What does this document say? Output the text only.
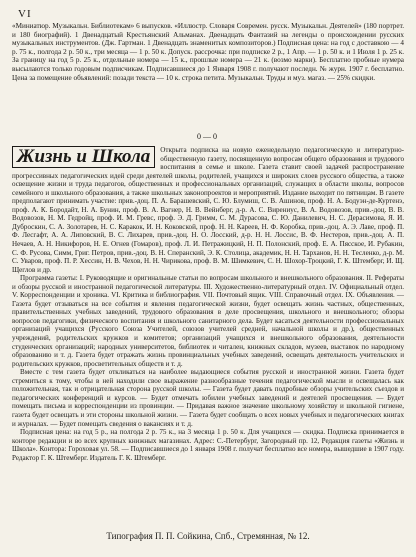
VI

«Миниатюр. Музыкальн. Библиотекам» 6 выпусков. «Иллюстр. Словаря Современ. русск. Музыкальн. Деятелей» (180 портрет. и 180 биографий). 1 Двенадцатый Крестьянский Альманах. Двенадцать Фантазий на легенды о происхождении русских музыкальных инструментов. (Дж. Гартман. 1 Двенадцать знаменитых композиторов.) Подписная цена: на год с доставкою — 4 р. 75 к., полгода 2 р. 50 к., три месяца — 1 р. 50 к. Допуск. рассрочка: при подписке 2 р., 1 Апр. — 1 р. 50 к. и 1 Июля 1 р. 25 к. За границу на год 5 р. 25 к., отдельные номера — 15 к., прошлые номера — 21 к. (возмо марки). Бесплатно пробные нумера высылаются только годовым подписчикам. Подписавшиеся до 1 Января 1908 г. получают последн. № журн. 1907 г. бесплатно. Цена за помещение объявлений: позади текста — 10 к. строка петита. Музыкальн. Труды и муз. магаз. — 25% скидки.

0—0
Жизнь и Школа	Открыта подписка на новую еженедельную педагогическую и литературно-общественную газету, посвященную вопросам общего образования и трудового воспитания в семье и школе. Газета ставит своей задачей распространение прогрессивных педагогических идей среди деятелей школы, родителей, учащихся и широких слоев русского общества, а также освещение жизни и труда педагогов, общественных и профессиональных организаций, служащих в области школы, вопросов семейного и школьного образования, а также школьных законопроектов и мероприятий. Издание выходит по пятницам. В газете предполагают принимать участие: прив.-доц. П. А. Барашевский, С. Ю. Блумиш, С. В. Ашинов, проф. Н. А. Бодуэн-де-Куртенэ, проф. А. К. Бородайт, Н. А. Бунин, проф. В. А. Вагнер, Н. В. Вейнберг, д-р. А. С. Вирениус, В. А. Водовозов, прив.-доц. В. В. Водовозов, Н. М. Гедройц, проф. И. М. Гревс, проф. Э. Д. Гримм, С. М. Дурасова, С. Ю. Данилевич, Н. С. Дерасимова, Я. И. Дуброскин, С. А. Золотарев, Н. С. Каракок, И. Н. Коковской, проф. Н. Н. Кареев, Н. Ф. Коробка, прив.-доц. А. Э. Лаве, проф. П. Ф. Лесгафт, А. А. Липовский, В. С. Лихарев, прив.-доц. Н. О. Лосский, д-р. Н. Н. Лоссис, В. Ф. Нестеров, прив.-доц. А. П. Нечаев, А. Н. Никифоров, Н. Е. Огнев (Гомаров), проф. Л. И. Петражицкий, Н. П. Полонский, проф. Е. А. Пясское, И. Рубакин, С. Ф. Русова, Симм, Григ. Петров, прив.-доц. В. Н. Сперанский, Э. К. Столица, академик, Н. Н. Тарханов, Н. Н. Тесленко, д-р. М. С. Уваров, проф. П. Р. Хессин, Н. В. Чехов, Н. Н. Чирикова, проф. В. М. Шимкевич, С. Н. Шохор-Троцкий, Г. К. Штемберг, И. Щ. Щеглов и др.

Программа газеты: I. Руководящие и оригинальные статьи по вопросам школьного и внешкольного образования. II. Рефераты и обзоры русской и иностранной педагогической литературы. III. Художественно-литературный отдел. IV. Официальный отдел. V. Корреспонденции и хроника. VI. Критика и библиография. VII. Почтовый ящик. VIII. Справочный отдел. IX. Объявления. — Газета будет отзываться на все события и явления педагогической жизни, будет освещать жизнь частных, общественных, правительственных учебных заведений, трудового образования в деле просвещения, школьного и внешкольного; обзоры вопросов педагогики, физического воспитания и школьного санитарного дела. Будет касаться деятельности профессиональных организаций учащихся (Русского Союза Учителей, союзов учителей средней, начальной школы и др.), общественных учреждений, родительских кружков и комитетов; организаций учащихся и внешкольного образования, деятельности студенческих организаций; народных университетов, библиотек и читален, книжных складов, музеев, выставок по народному образованию и т. д. Газета будет отражать жизнь провинциальных учебных заведений, освещать деятельность учительских и родительских кружков, просветительных обществ и т. д.

Вместе с тем газета будет откликаться на наиболее выдающиеся события русской и иностранной жизни. Газета будет стремиться к тому, чтобы в ней находили свое выражение разнообразные течения педагогической мысли и освещалась как положительная, так и отрицательная сторона русской школы. — Газета будет давать подробные обзоры учительских съездов и педагогических конференций и курсов. — Будет отмечать юбилеи учебных заведений и деятелей просвещения. — Будет помещать письма и корреспонденции из провинции. — Придавая важное значение школьному хозяйству и школьной гигиене, газета будет освещать и эти стороны школьной жизни. — Газета будет сообщать о всех новых учебных и педагогических книгах и журналах. — Будет помещать сведения о вакансиях и т. д.

Подписная цена: на год 5 р., на полгода 2 р. 75 к., на 3 месяца 1 р. 50 к. Для учащихся — скидка. Подписка принимается в конторе редакции и во всех крупных книжных магазинах. Адрес: С.-Петербург, Загородный пр. 12, Редакция газеты «Жизнь и Школа». Контора: Гороховая ул. 58. — Подписавшиеся до 1 января 1908 г. получат бесплатно все номера, вышедшие в 1907 году. Редактор Г. К. Штемберг. Издатель Г. К. Штемберг.

Типография П. П. Сойкина, Спб., Стремянная, № 12.
